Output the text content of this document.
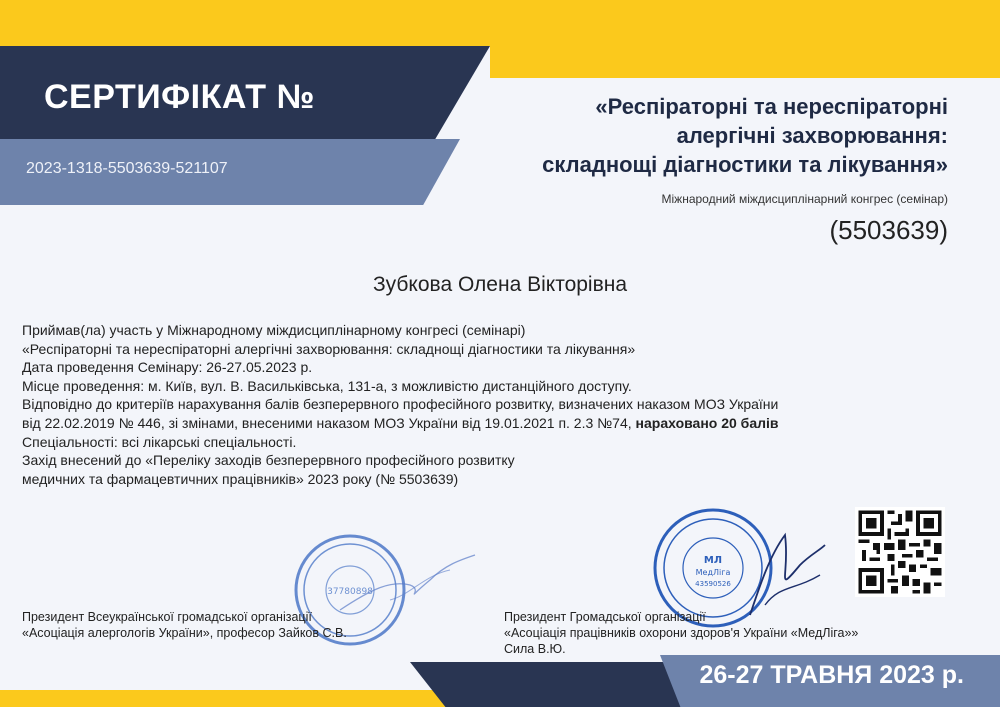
СЕРТИФІКАТ №
2023-1318-5503639-521107
«Респіраторні та нереспіраторні
алергічні захворювання:
складнощі діагностики та лікування»
Міжнародний міждисциплінарний конгрес (семінар)
(5503639)
Зубкова Олена Вікторівна

Приймав(ла) участь у Міжнародному міждисциплінарному конгресі (семінарі)

«Респіраторні та нереспіраторні алергічні захворювання: складнощі діагностики та лікування»

Дата проведення Семінару: 26-27.05.2023 р.

Місце проведення: м. Київ, вул. В. Васильківська, 131-а, з можливістю дистанційного доступу.

Відповідно до критеріїв нарахування балів безперервного професійного розвитку, визначених наказом МОЗ України

від 22.02.2019 № 446, зі змінами, внесеними наказом МОЗ України від 19.01.2021 п. 2.3 №74, нараховано 20 балів

Спеціальності: всі лікарські спеціальності.

Захід внесений до «Переліку заходів безперервного професійного розвитку

медичних та фармацевтичних працівників» 2023 року (№ 5503639)

37780898
МЛ
МедЛіга
43590526
Президент Всеукраїнської громадської організації
«Асоціація алергологів України», професор Зайков С.В.
Президент Громадської організації
«Асоціація працівників охорони здоров'я України «МедЛіга»»
Сила В.Ю.
26-27 ТРАВНЯ 2023 р.
